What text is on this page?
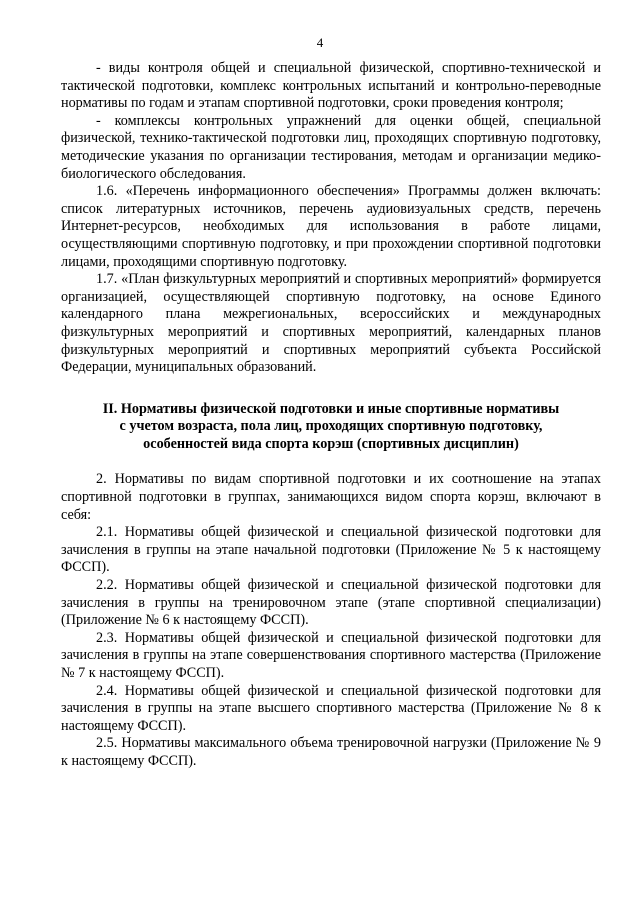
4

- виды контроля общей и специальной физической, спортивно-технической и тактической подготовки, комплекс контрольных испытаний и контрольно-переводные нормативы по годам и этапам спортивной подготовки, сроки проведения контроля;

- комплексы контрольных упражнений для оценки общей, специальной физической, технико-тактической подготовки лиц, проходящих спортивную подготовку, методические указания по организации тестирования, методам и организации медико-биологического обследования.

1.6. «Перечень информационного обеспечения» Программы должен включать: список литературных источников, перечень аудиовизуальных средств, перечень Интернет-ресурсов, необходимых для использования в работе лицами, осуществляющими спортивную подготовку, и при прохождении спортивной подготовки лицами, проходящими спортивную подготовку.

1.7. «План физкультурных мероприятий и спортивных мероприятий» формируется организацией, осуществляющей спортивную подготовку, на основе Единого календарного плана межрегиональных, всероссийских и международных физкультурных мероприятий и спортивных мероприятий, календарных планов физкультурных мероприятий и спортивных мероприятий субъекта Российской Федерации, муниципальных образований.

II. Нормативы физической подготовки и иные спортивные нормативы
с учетом возраста, пола лиц, проходящих спортивную подготовку,
особенностей вида спорта корэш (спортивных дисциплин)

2. Нормативы по видам спортивной подготовки и их соотношение на этапах спортивной подготовки в группах, занимающихся видом спорта корэш, включают в себя:

2.1. Нормативы общей физической и специальной физической подготовки для зачисления в группы на этапе начальной подготовки (Приложение № 5 к настоящему ФССП).

2.2. Нормативы общей физической и специальной физической подготовки для зачисления в группы на тренировочном этапе (этапе спортивной специализации) (Приложение № 6 к настоящему ФССП).

2.3. Нормативы общей физической и специальной физической подготовки для зачисления в группы на этапе совершенствования спортивного мастерства (Приложение № 7 к настоящему ФССП).

2.4. Нормативы общей физической и специальной физической подготовки для зачисления в группы на этапе высшего спортивного мастерства (Приложение № 8 к настоящему ФССП).

2.5. Нормативы максимального объема тренировочной нагрузки (Приложение № 9 к настоящему ФССП).
